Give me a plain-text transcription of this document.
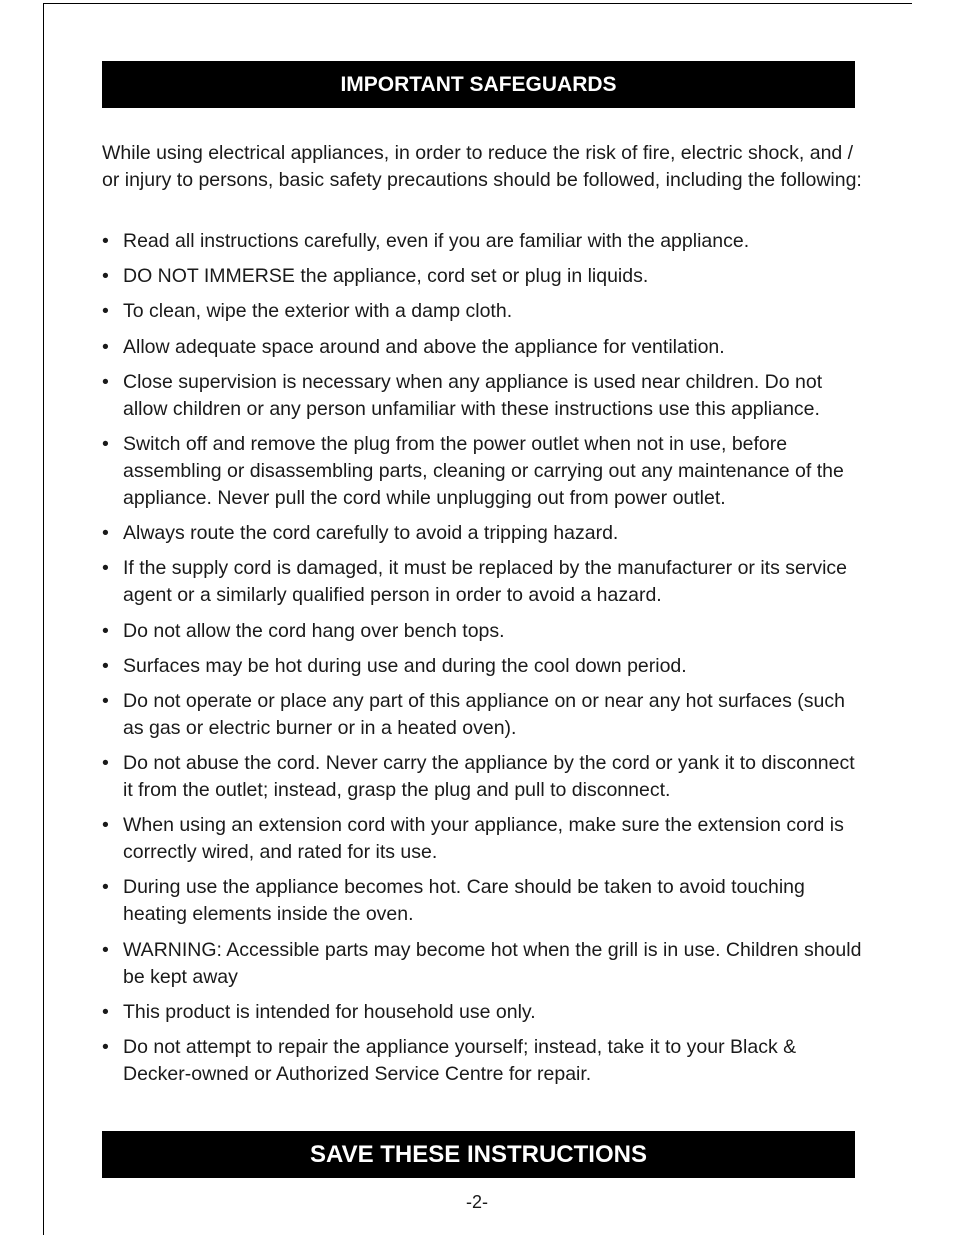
IMPORTANT SAFEGUARDS

While using electrical appliances, in order to reduce the risk of fire, electric shock, and / or injury to persons, basic safety precautions should be followed, including the following:

• Read all instructions carefully, even if you are familiar with the appliance.
• DO NOT IMMERSE the appliance, cord set or plug in liquids.
• To clean, wipe the exterior with a damp cloth.
• Allow adequate space around and above the appliance for ventilation.
• Close supervision is necessary when any appliance is used near children. Do not allow children or any person unfamiliar with these instructions use this appliance.
• Switch off and remove the plug from the power outlet when not in use, before assembling or disassembling parts, cleaning or carrying out any maintenance of the appliance. Never pull the cord while unplugging out from power outlet.
• Always route the cord carefully to avoid a tripping hazard.
• If the supply cord is damaged, it must be replaced by the manufacturer or its service agent or a similarly qualified person in order to avoid a hazard.
• Do not allow the cord hang over bench tops.
• Surfaces may be hot during use and during the cool down period.
• Do not operate or place any part of this appliance on or near any hot surfaces (such as gas or electric burner or in a heated oven).
• Do not abuse the cord. Never carry the appliance by the cord or yank it to disconnect it from the outlet; instead, grasp the plug and pull to disconnect.
• When using an extension cord with your appliance, make sure the extension cord is correctly wired, and rated for its use.
• During use the appliance becomes hot. Care should be taken to avoid touching heating elements inside the oven.
• WARNING: Accessible parts may become hot when the grill is in use. Children should be kept away
• This product is intended for household use only.
• Do not attempt to repair the appliance yourself; instead, take it to your Black & Decker-owned or Authorized Service Centre for repair.
SAVE THESE INSTRUCTIONS
-2-
